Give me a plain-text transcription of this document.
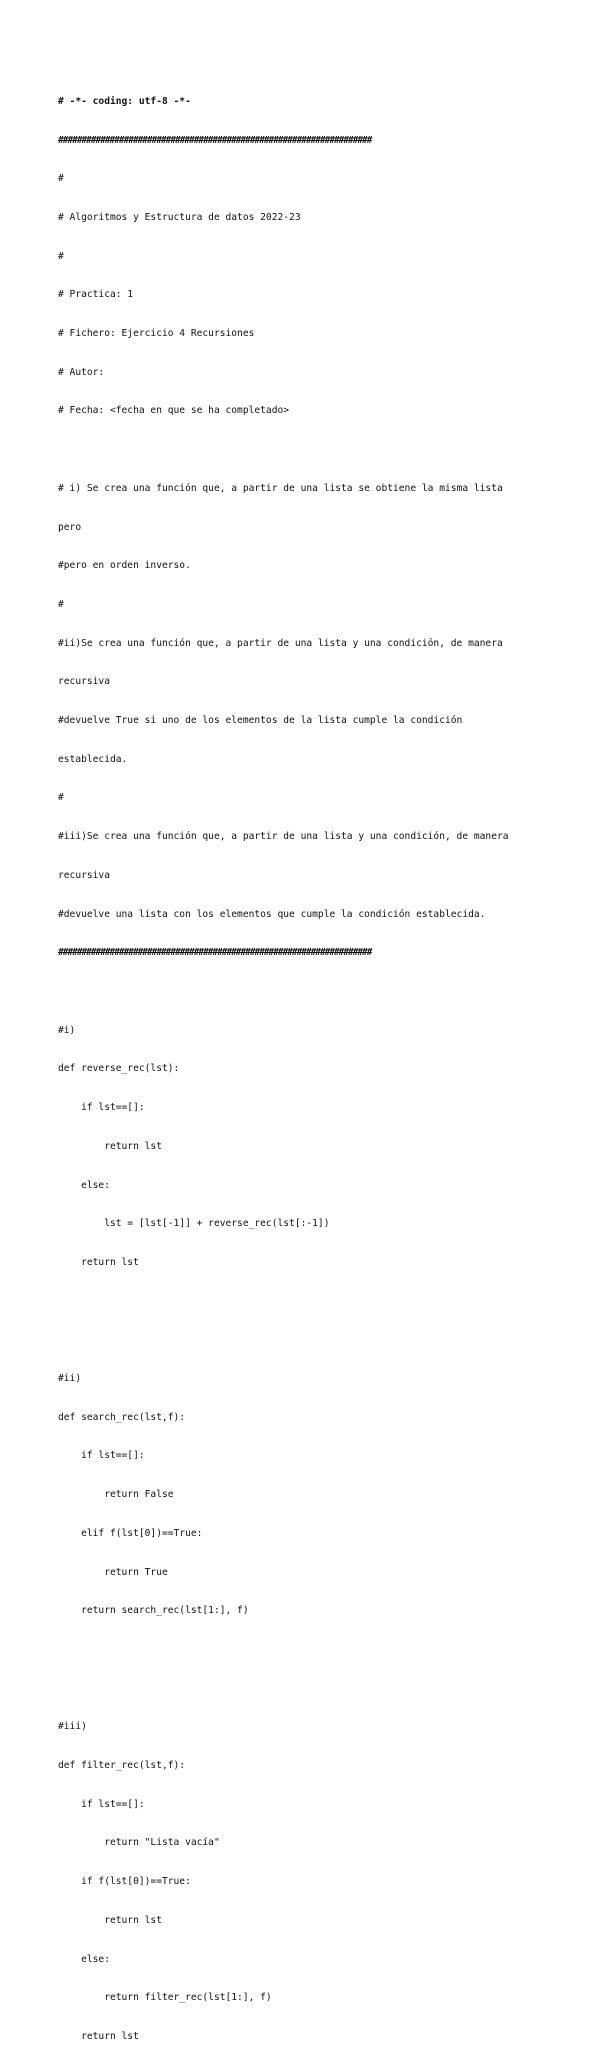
# -*- coding: utf-8 -*-

###################################################################

#

# Algoritmos y Estructura de datos 2022-23

#

# Practica: 1

# Fichero: Ejercicio 4 Recursiones

# Autor:

# Fecha: <fecha en que se ha completado>

# i) Se crea una función que, a partir de una lista se obtiene la misma lista

pero

#pero en orden inverso.

#

#ii)Se crea una función que, a partir de una lista y una condición, de manera

recursiva

#devuelve True si uno de los elementos de la lista cumple la condición

establecida.

#

#iii)Se crea una función que, a partir de una lista y una condición, de manera

recursiva

#devuelve una lista con los elementos que cumple la condición establecida.

###################################################################

#i)

def reverse_rec(lst):

if lst==[]:

return lst

else:

lst = [lst[-1]] + reverse_rec(lst[:-1])

return lst

#ii)

def search_rec(lst,f):

if lst==[]:

return False

elif f(lst[0])==True:

return True

return search_rec(lst[1:], f)

#iii)

def filter_rec(lst,f):

if lst==[]:

return "Lista vacía"

if f(lst[0])==True:

return lst

else:

return filter_rec(lst[1:], f)

return lst
